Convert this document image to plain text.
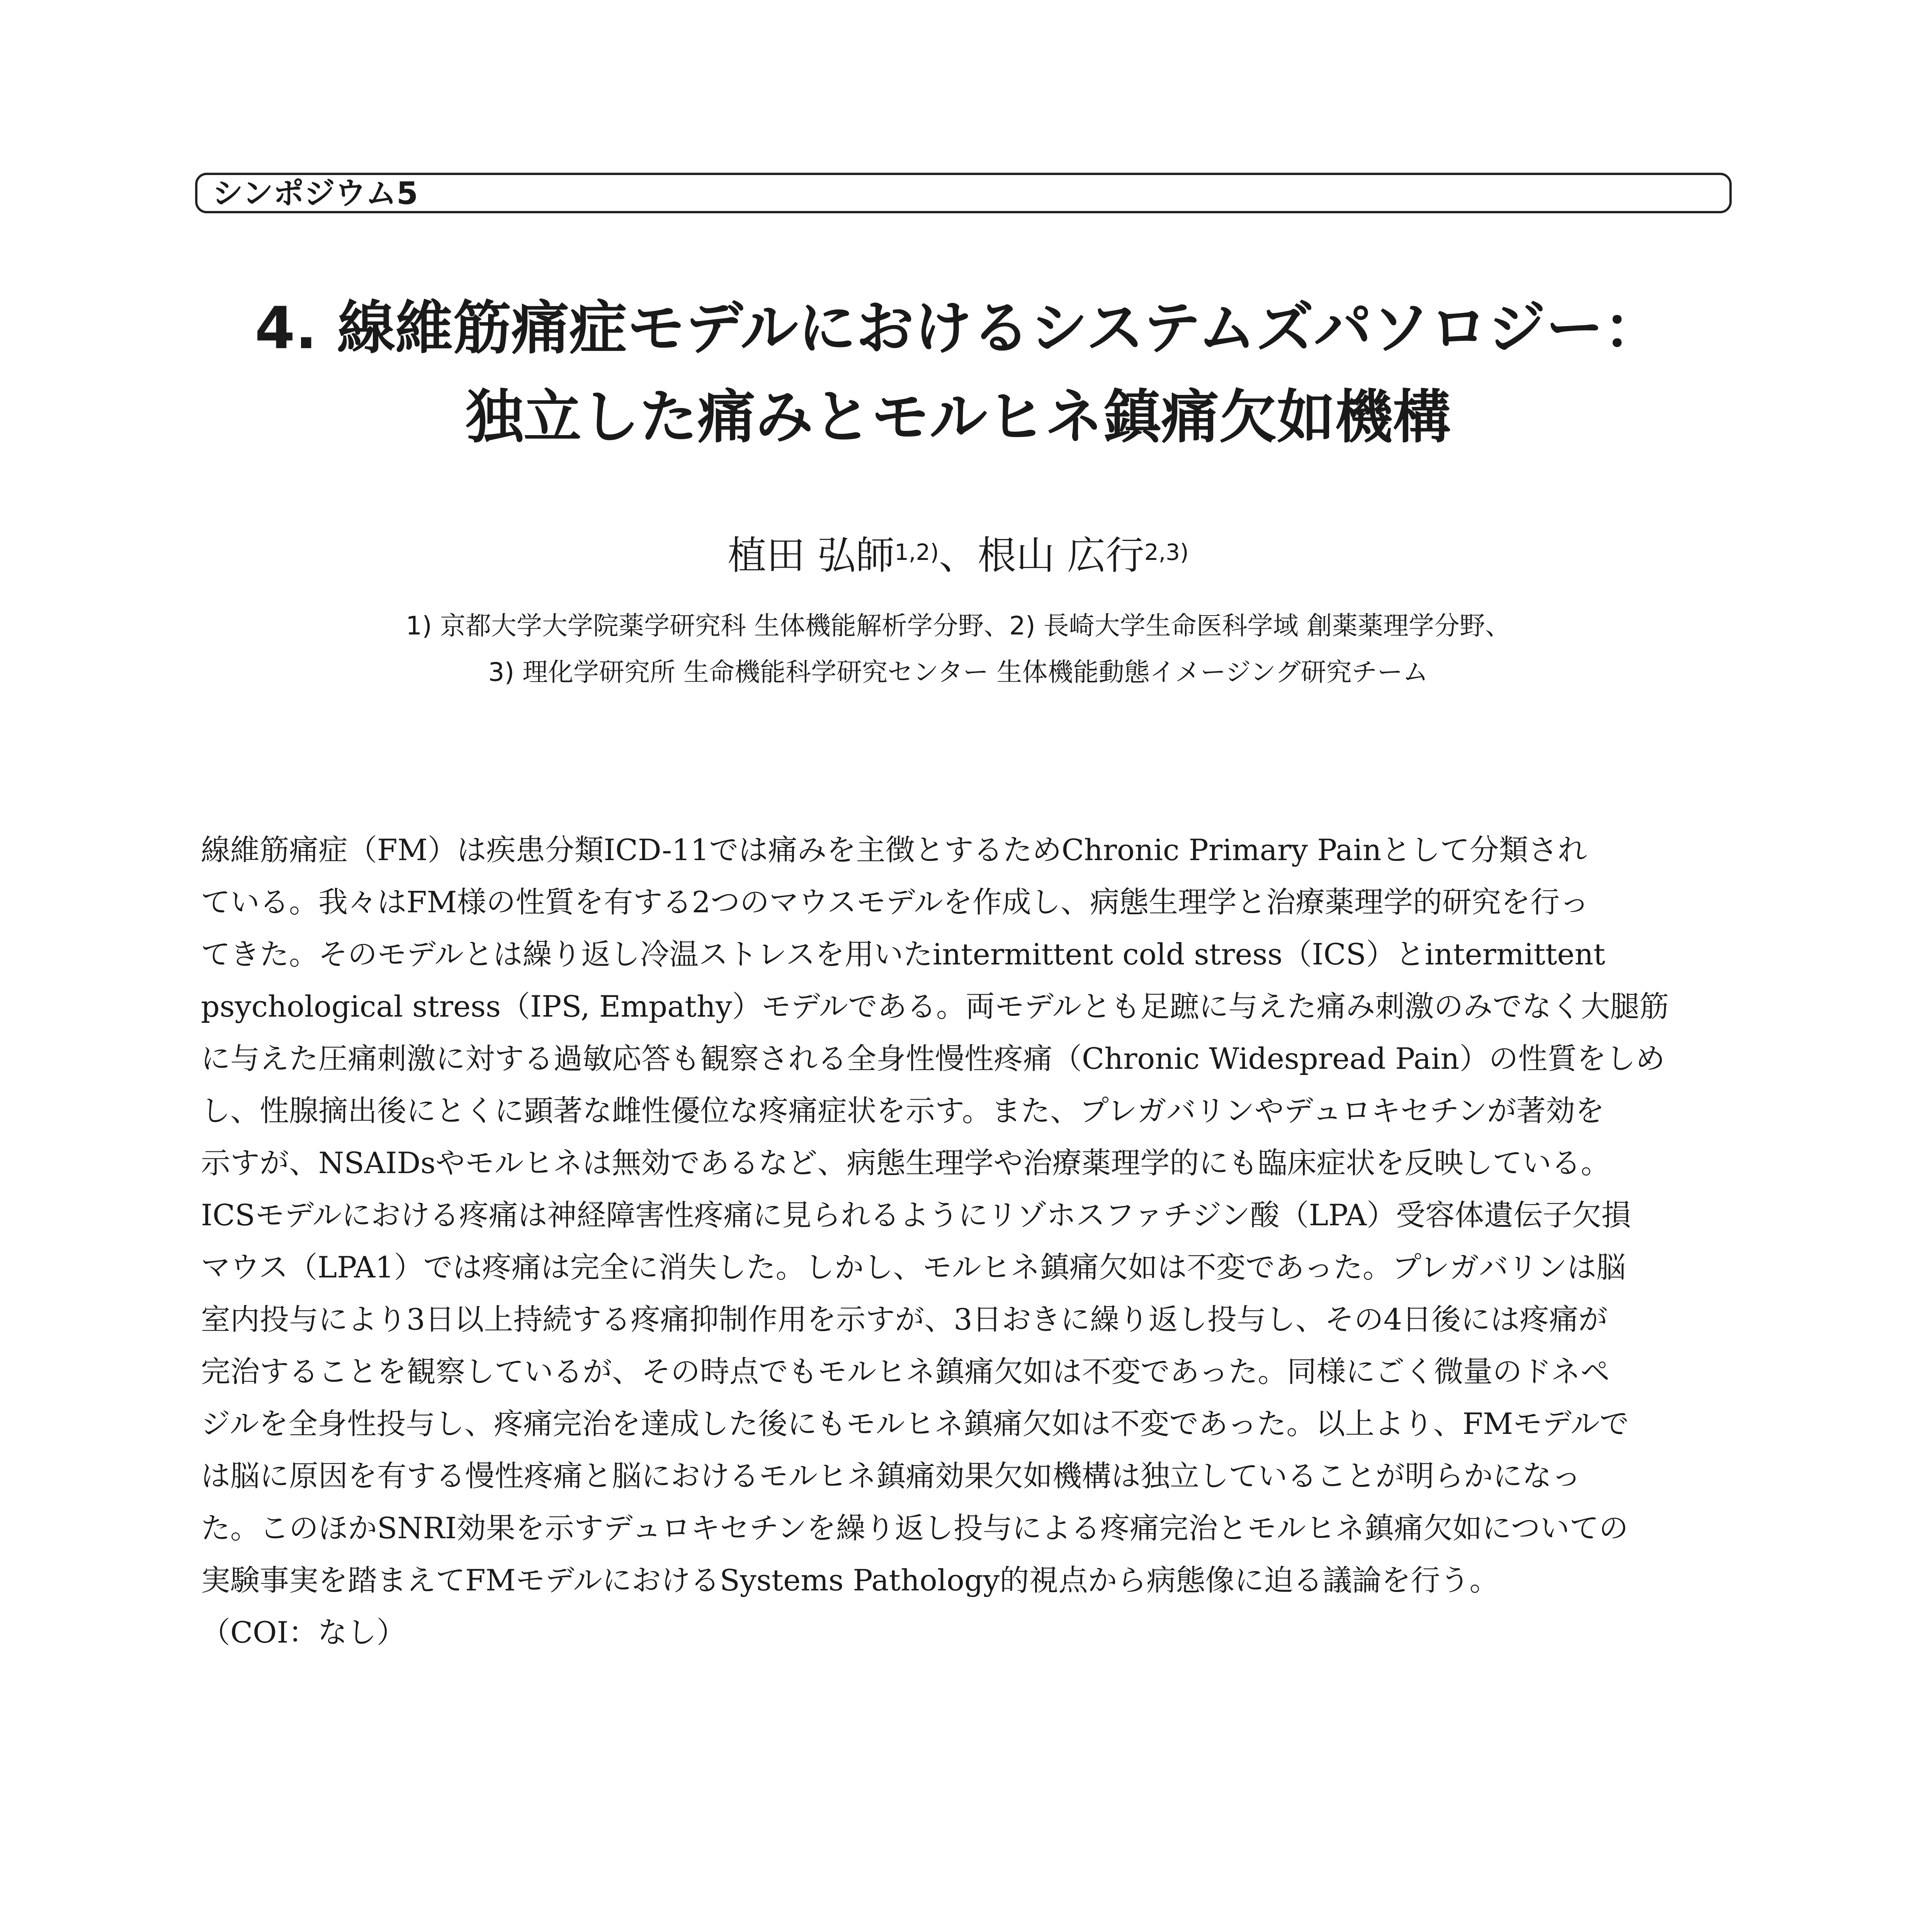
シンポジウム5
4. 線維筋痛症モデルにおけるシステムズパソロジー：
独立した痛みとモルヒネ鎮痛欠如機構
植田 弘師$^{1,2)}$、根山 広行$^{2,3)}$
1) 京都大学大学院薬学研究科 生体機能解析学分野、2) 長崎大学生命医科学域 創薬薬理学分野、
3) 理化学研究所 生命機能科学研究センター 生体機能動態イメージング研究チーム
線維筋痛症（FM）は疾患分類ICD-11では痛みを主徴とするためChronic Primary Painとして分類され
ている。我々はFM様の性質を有する2つのマウスモデルを作成し、病態生理学と治療薬理学的研究を行っ
てきた。そのモデルとは繰り返し冷温ストレスを用いたintermittent cold stress（ICS）とintermittent
psychological stress（IPS, Empathy）モデルである。両モデルとも足蹠に与えた痛み刺激のみでなく大腿筋
に与えた圧痛刺激に対する過敏応答も観察される全身性慢性疼痛（Chronic Widespread Pain）の性質をしめ
し、性腺摘出後にとくに顕著な雌性優位な疼痛症状を示す。また、プレガバリンやデュロキセチンが著効を
示すが、NSAIDsやモルヒネは無効であるなど、病態生理学や治療薬理学的にも臨床症状を反映している。
ICSモデルにおける疼痛は神経障害性疼痛に見られるようにリゾホスファチジン酸（LPA）受容体遺伝子欠損
マウス（LPA1）では疼痛は完全に消失した。しかし、モルヒネ鎮痛欠如は不変であった。プレガバリンは脳
室内投与により3日以上持続する疼痛抑制作用を示すが、3日おきに繰り返し投与し、その4日後には疼痛が
完治することを観察しているが、その時点でもモルヒネ鎮痛欠如は不変であった。同様にごく微量のドネペ
ジルを全身性投与し、疼痛完治を達成した後にもモルヒネ鎮痛欠如は不変であった。以上より、FMモデルで
は脳に原因を有する慢性疼痛と脳におけるモルヒネ鎮痛効果欠如機構は独立していることが明らかになっ
た。このほかSNRI効果を示すデュロキセチンを繰り返し投与による疼痛完治とモルヒネ鎮痛欠如についての
実験事実を踏まえてFMモデルにおけるSystems Pathology的視点から病態像に迫る議論を行う。
（COI：なし）
